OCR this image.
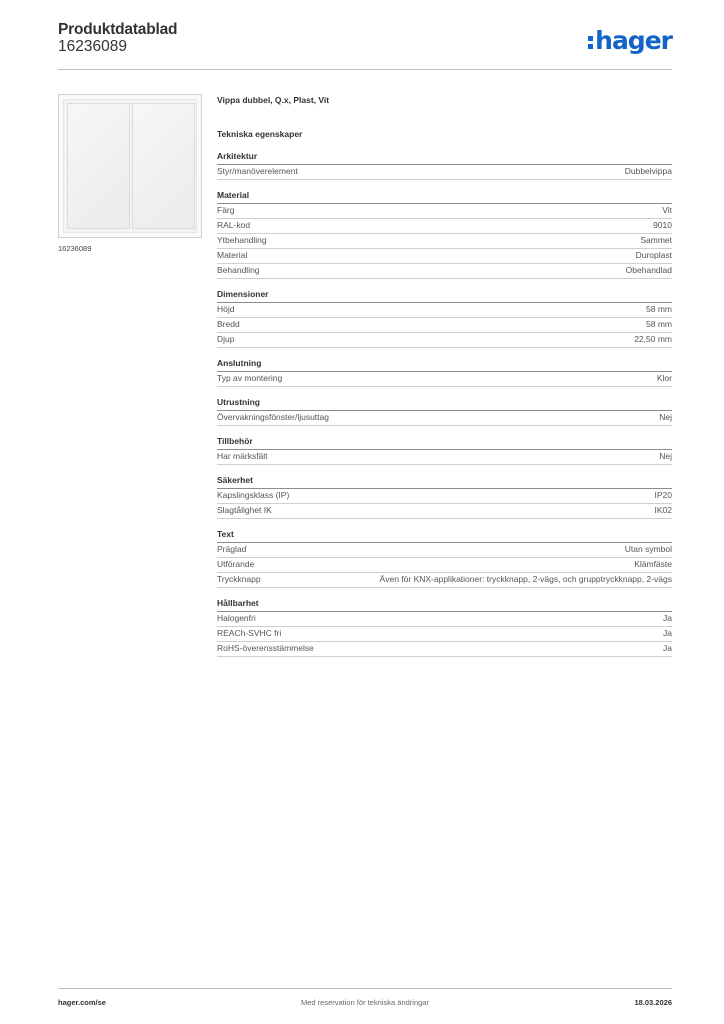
Produktdatablad
16236089	hager
16236089
Vippa dubbel, Q.x, Plast, Vit
Tekniska egenskaper
Arkitektur
Styr/manöverelement	Dubbelvippa
Material
Färg	Vit
RAL-kod	9010
Ytbehandling	Sammet
Material	Duroplast
Behandling	Obehandlad
Dimensioner
Höjd	58 mm
Bredd	58 mm
Djup	22,50 mm
Anslutning
Typ av montering	Klor
Utrustning
Övervakningsfönster/ljusuttag	Nej
Tillbehör
Har märksfält	Nej
Säkerhet
Kapslingsklass (IP)	IP20
Slagtålighet IK	IK02
Text
Präglad	Utan symbol
Utförande	Klämfäste
Tryckknapp	Även för KNX-applikationer: tryckknapp, 2-vägs, och grupptryckknapp, 2-vägs
Hållbarhet
Halogenfri	Ja
REACh-SVHC fri	Ja
RoHS-överensstämmelse	Ja
Med reservation för tekniska ändringar
hager.com/se	18.03.2026
